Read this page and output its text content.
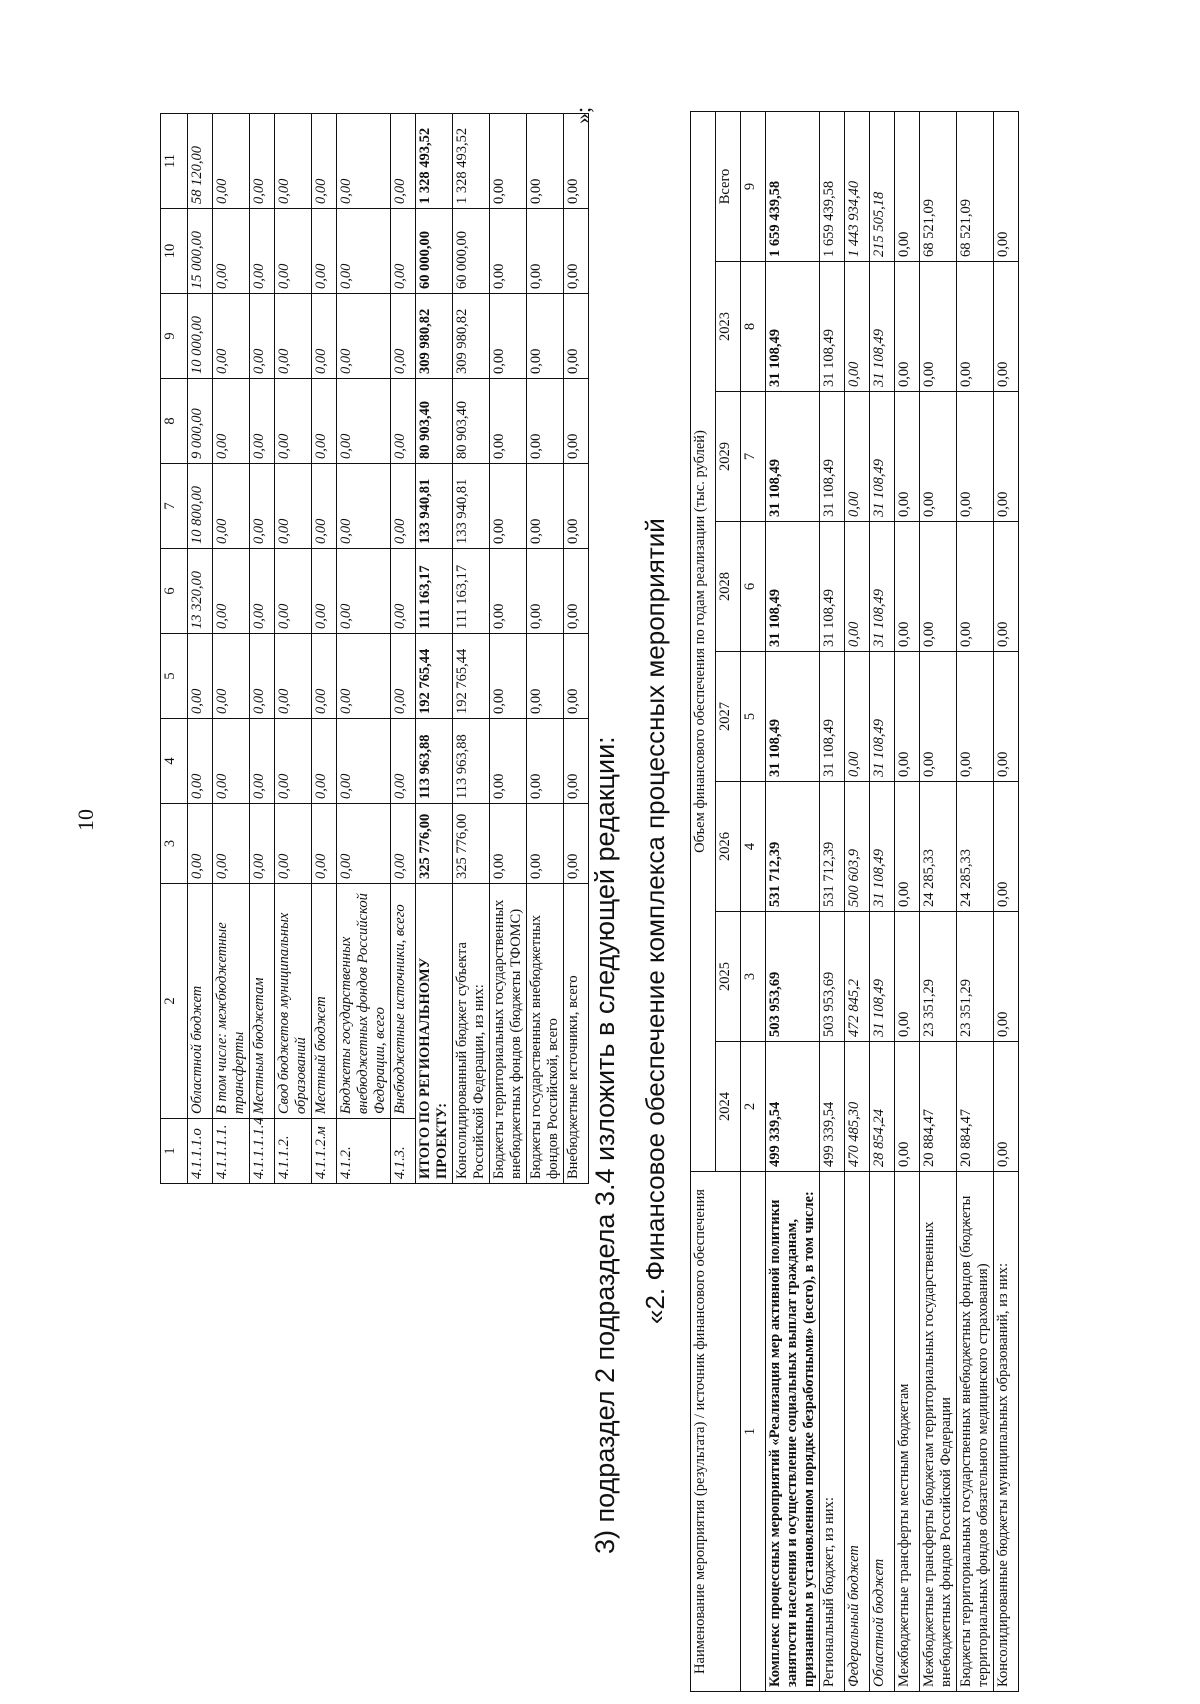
10
1	2	3	4	5	6	7	8	9	10	11
4.1.1.1.о	Областной бюджет	0,00	0,00	0,00	13 320,00	10 800,00	9 000,00	10 000,00	15 000,00	58 120,00
4.1.1.1.1.	В том числе: межбюджетные трансферты	0,00	0,00	0,00	0,00	0,00	0,00	0,00	0,00	0,00
4.1.1.1.1.4	Местным бюджетам	0,00	0,00	0,00	0,00	0,00	0,00	0,00	0,00	0,00
4.1.1.2.	Свод бюджетов муниципальных образований	0,00	0,00	0,00	0,00	0,00	0,00	0,00	0,00	0,00
4.1.1.2.м	Местный бюджет	0,00	0,00	0,00	0,00	0,00	0,00	0,00	0,00	0,00
4.1.2.	Бюджеты государственных внебюджетных фондов Российской Федерации, всего	0,00	0,00	0,00	0,00	0,00	0,00	0,00	0,00	0,00
4.1.3.	Внебюджетные источники, всего	0,00	0,00	0,00	0,00	0,00	0,00	0,00	0,00	0,00
ИТОГО ПО РЕГИОНАЛЬНОМУ ПРОЕКТУ:		325 776,00	113 963,88	192 765,44	111 163,17	133 940,81	80 903,40	309 980,82	60 000,00	1 328 493,52
Консолидированный бюджет субъекта Российской Федерации, из них:		325 776,00	113 963,88	192 765,44	111 163,17	133 940,81	80 903,40	309 980,82	60 000,00	1 328 493,52
Бюджеты территориальных государственных внебюджетных фондов (бюджеты ТФОМС)		0,00	0,00	0,00	0,00	0,00	0,00	0,00	0,00	0,00
Бюджеты государственных внебюджетных фондов Российской, всего		0,00	0,00	0,00	0,00	0,00	0,00	0,00	0,00	0,00
Внебюджетные источники, всего		0,00	0,00	0,00	0,00	0,00	0,00	0,00	0,00	0,00
»;
3) подраздел 2 подраздела 3.4 изложить в следующей редакции: «2. Финансовое обеспечение комплекса процессных мероприятий
Наименование мероприятия (результата) / источник финансового обеспечения	Объем финансового обеспечения по годам реализации (тыс. рублей)							
	2024	2025	2026	2027	2028	2029	2023	Всего
1	2	3	4	5	6	7	8	9
Комплекс процессных мероприятий «Реализация мер активной политики занятости населения и осуществление социальных выплат гражданам, признанным в установленном порядке безработными» (всего), в том числе:	499 339,54	503 953,69	531 712,39	31 108,49	31 108,49	31 108,49	31 108,49	1 659 439,58
Региональный бюджет, из них:	499 339,54	503 953,69	531 712,39	31 108,49	31 108,49	31 108,49	31 108,49	1 659 439,58
Федеральный бюджет	470 485,30	472 845,2	500 603,9	0,00	0,00	0,00	0,00	1 443 934,40
Областной бюджет	28 854,24	31 108,49	31 108,49	31 108,49	31 108,49	31 108,49	31 108,49	215 505,18
Межбюджетные трансферты местным бюджетам	0,00	0,00	0,00	0,00	0,00	0,00	0,00	0,00
Межбюджетные трансферты бюджетам территориальных государственных внебюджетных фондов Российской Федерации	20 884,47	23 351,29	24 285,33	0,00	0,00	0,00	0,00	68 521,09
Бюджеты территориальных государственных внебюджетных фондов (бюджеты территориальных фондов обязательного медицинского страхования)	20 884,47	23 351,29	24 285,33	0,00	0,00	0,00	0,00	68 521,09
Консолидированные бюджеты муниципальных образований, из них:	0,00	0,00	0,00	0,00	0,00	0,00	0,00	0,00
